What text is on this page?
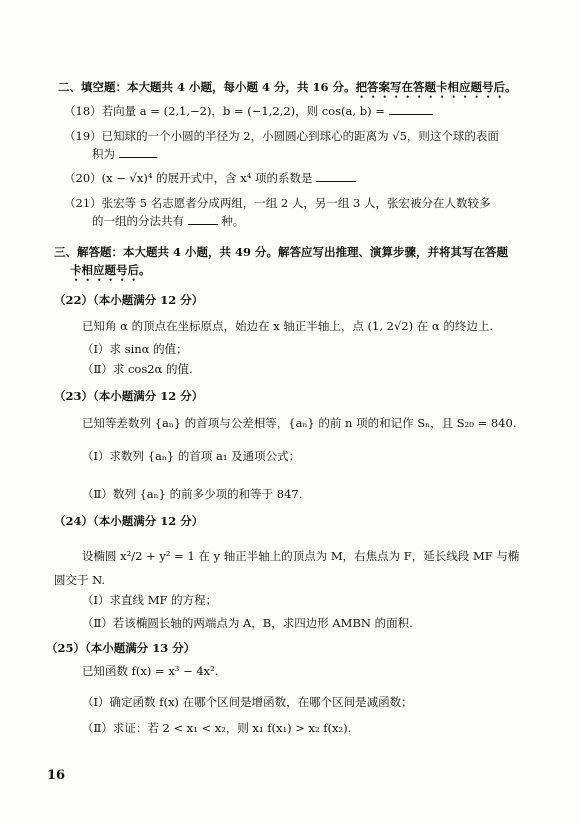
二、填空题：本大题共 4 小题，每小题 4 分，共 16 分。把答案写在答题卡相应题号后。
（18）若向量 a = (2,1,−2)，b = (−1,2,2)，则 cos(a, b) =
（19）已知球的一个小圆的半径为 2，小圆圆心到球心的距离为 √5，则这个球的表面
积为
（20）(x − √x)⁴ 的展开式中，含 x⁴ 项的系数是
（21）张宏等 5 名志愿者分成两组，一组 2 人，另一组 3 人，张宏被分在人数较多
的一组的分法共有	种。
三、解答题：本大题共 4 小题，共 49 分。解答应写出推理、演算步骤，并将其写在答题
卡相应题号后。
（22）（本小题满分 12 分）
已知角 α 的顶点在坐标原点，始边在 x 轴正半轴上，点 (1, 2√2) 在 α 的终边上.
（Ⅰ）求 sinα 的值；
（Ⅱ）求 cos2α 的值.
（23）（本小题满分 12 分）
已知等差数列 {aₙ} 的首项与公差相等，{aₙ} 的前 n 项的和记作 Sₙ，且 S₂₀ = 840.
（Ⅰ）求数列 {aₙ} 的首项 a₁ 及通项公式；
（Ⅱ）数列 {aₙ} 的前多少项的和等于 847.
（24）（本小题满分 12 分）
设椭圆 x²/2 + y² = 1 在 y 轴正半轴上的顶点为 M，右焦点为 F，延长线段 MF 与椭
圆交于 N.
（Ⅰ）求直线 MF 的方程；
（Ⅱ）若该椭圆长轴的两端点为 A，B，求四边形 AMBN 的面积.
（25）（本小题满分 13 分）
已知函数 f(x) = x³ − 4x².
（Ⅰ）确定函数 f(x) 在哪个区间是增函数，在哪个区间是减函数；
（Ⅱ）求证：若 2 < x₁ < x₂，则 x₁ f(x₁) > x₂ f(x₂).
16
